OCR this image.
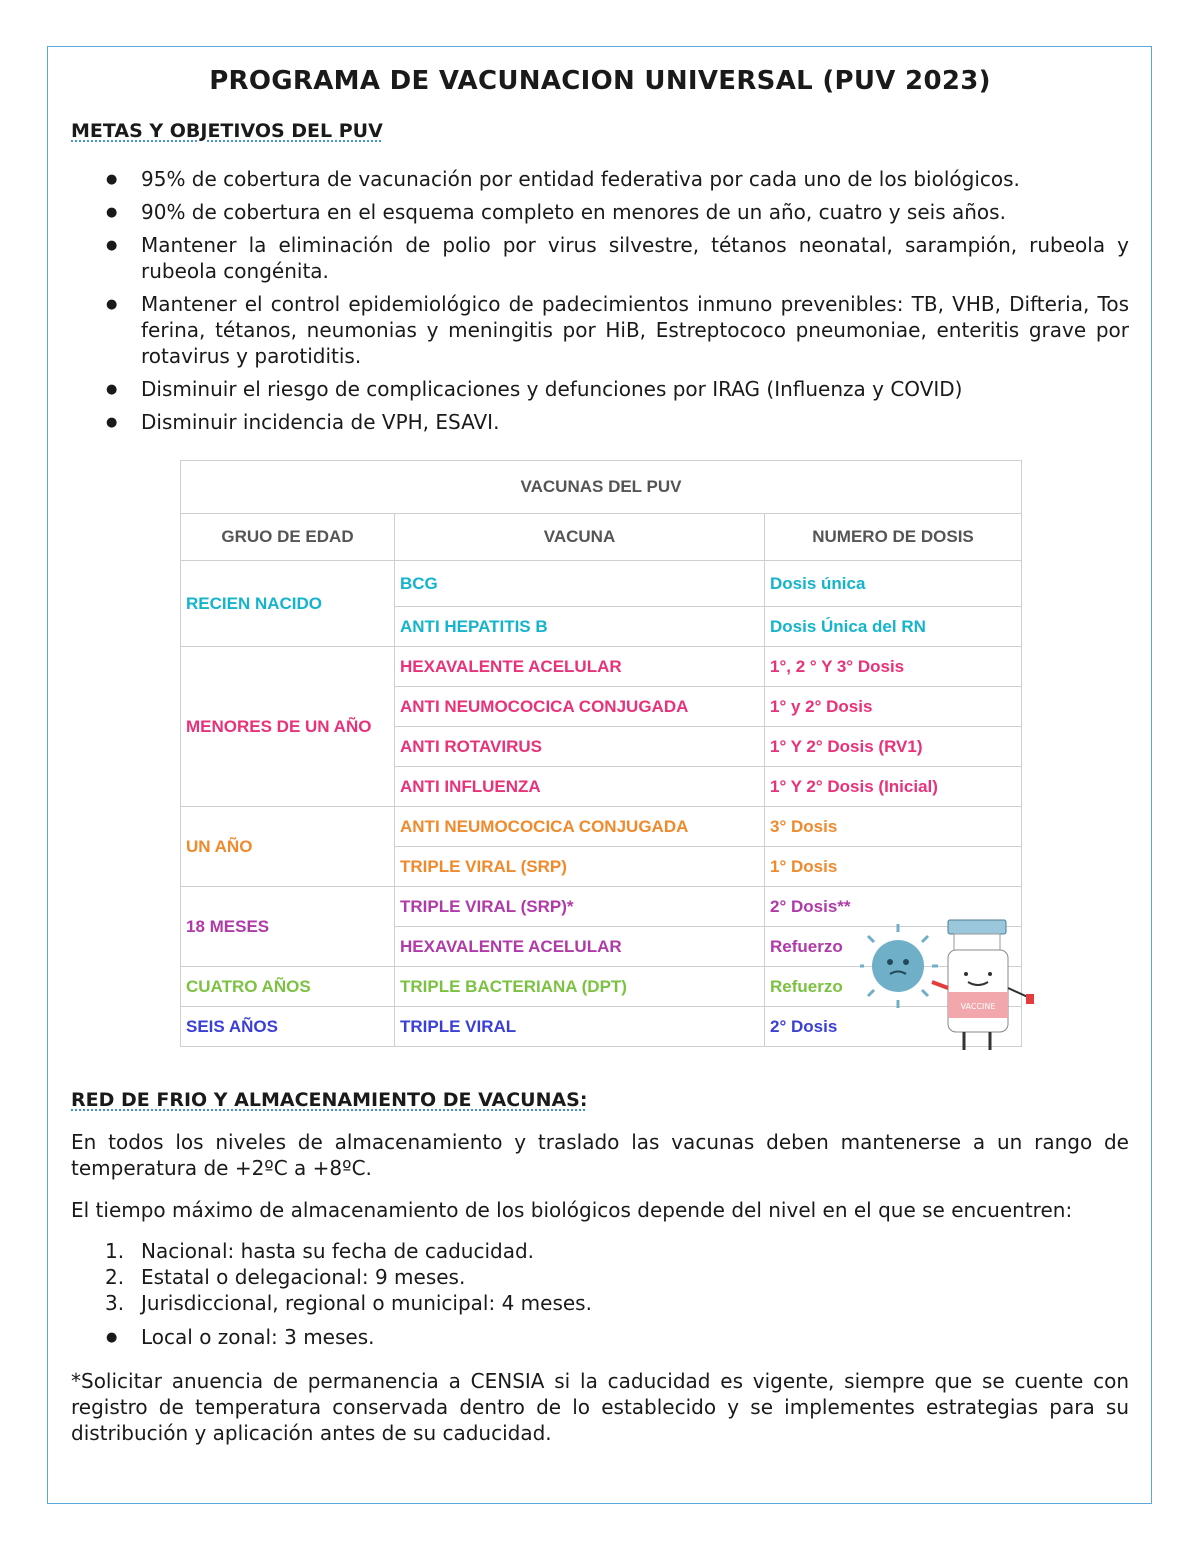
PROGRAMA DE VACUNACION UNIVERSAL (PUV 2023)
METAS Y OBJETIVOS DEL PUV
● 95% de cobertura de vacunación por entidad federativa por cada uno de los biológicos.
● 90% de cobertura en el esquema completo en menores de un año, cuatro y seis años.
● Mantener la eliminación de polio por virus silvestre, tétanos neonatal, sarampión, rubeola y rubeola congénita.
● Mantener el control epidemiológico de padecimientos inmuno prevenibles: TB, VHB, Difteria, Tos ferina, tétanos, neumonias y meningitis por HiB, Estreptococo pneumoniae, enteritis grave por rotavirus y parotiditis.
● Disminuir el riesgo de complicaciones y defunciones por IRAG (Influenza y COVID)
● Disminuir incidencia de VPH, ESAVI.
VACUNAS DEL PUV		
GRUO DE EDAD	VACUNA	NUMERO DE DOSIS
RECIEN NACIDO	BCG	Dosis única
	ANTI HEPATITIS B	Dosis Única del RN
MENORES DE UN AÑO	HEXAVALENTE ACELULAR	1°, 2 ° Y 3° Dosis
	ANTI NEUMOCOCICA CONJUGADA	1° y 2° Dosis
	ANTI ROTAVIRUS	1° Y 2° Dosis (RV1)
	ANTI INFLUENZA	1° Y 2° Dosis (Inicial)
UN AÑO	ANTI NEUMOCOCICA CONJUGADA	3° Dosis
	TRIPLE VIRAL (SRP)	1° Dosis
18 MESES	TRIPLE VIRAL (SRP)*	2° Dosis**
	HEXAVALENTE ACELULAR	Refuerzo
CUATRO AÑOS	TRIPLE BACTERIANA (DPT)	Refuerzo
SEIS AÑOS	TRIPLE VIRAL	2° Dosis
VACCINE
RED DE FRIO Y ALMACENAMIENTO DE VACUNAS:
En todos los niveles de almacenamiento y traslado las vacunas deben mantenerse a un rango de temperatura de +2ºC a +8ºC.
El tiempo máximo de almacenamiento de los biológicos depende del nivel en el que se encuentren:
1. Nacional: hasta su fecha de caducidad.
2. Estatal o delegacional: 9 meses.
3. Jurisdiccional, regional o municipal: 4 meses.
● Local o zonal: 3 meses.
*Solicitar anuencia de permanencia a CENSIA si la caducidad es vigente, siempre que se cuente con registro de temperatura conservada dentro de lo establecido y se implementes estrategias para su distribución y aplicación antes de su caducidad.
